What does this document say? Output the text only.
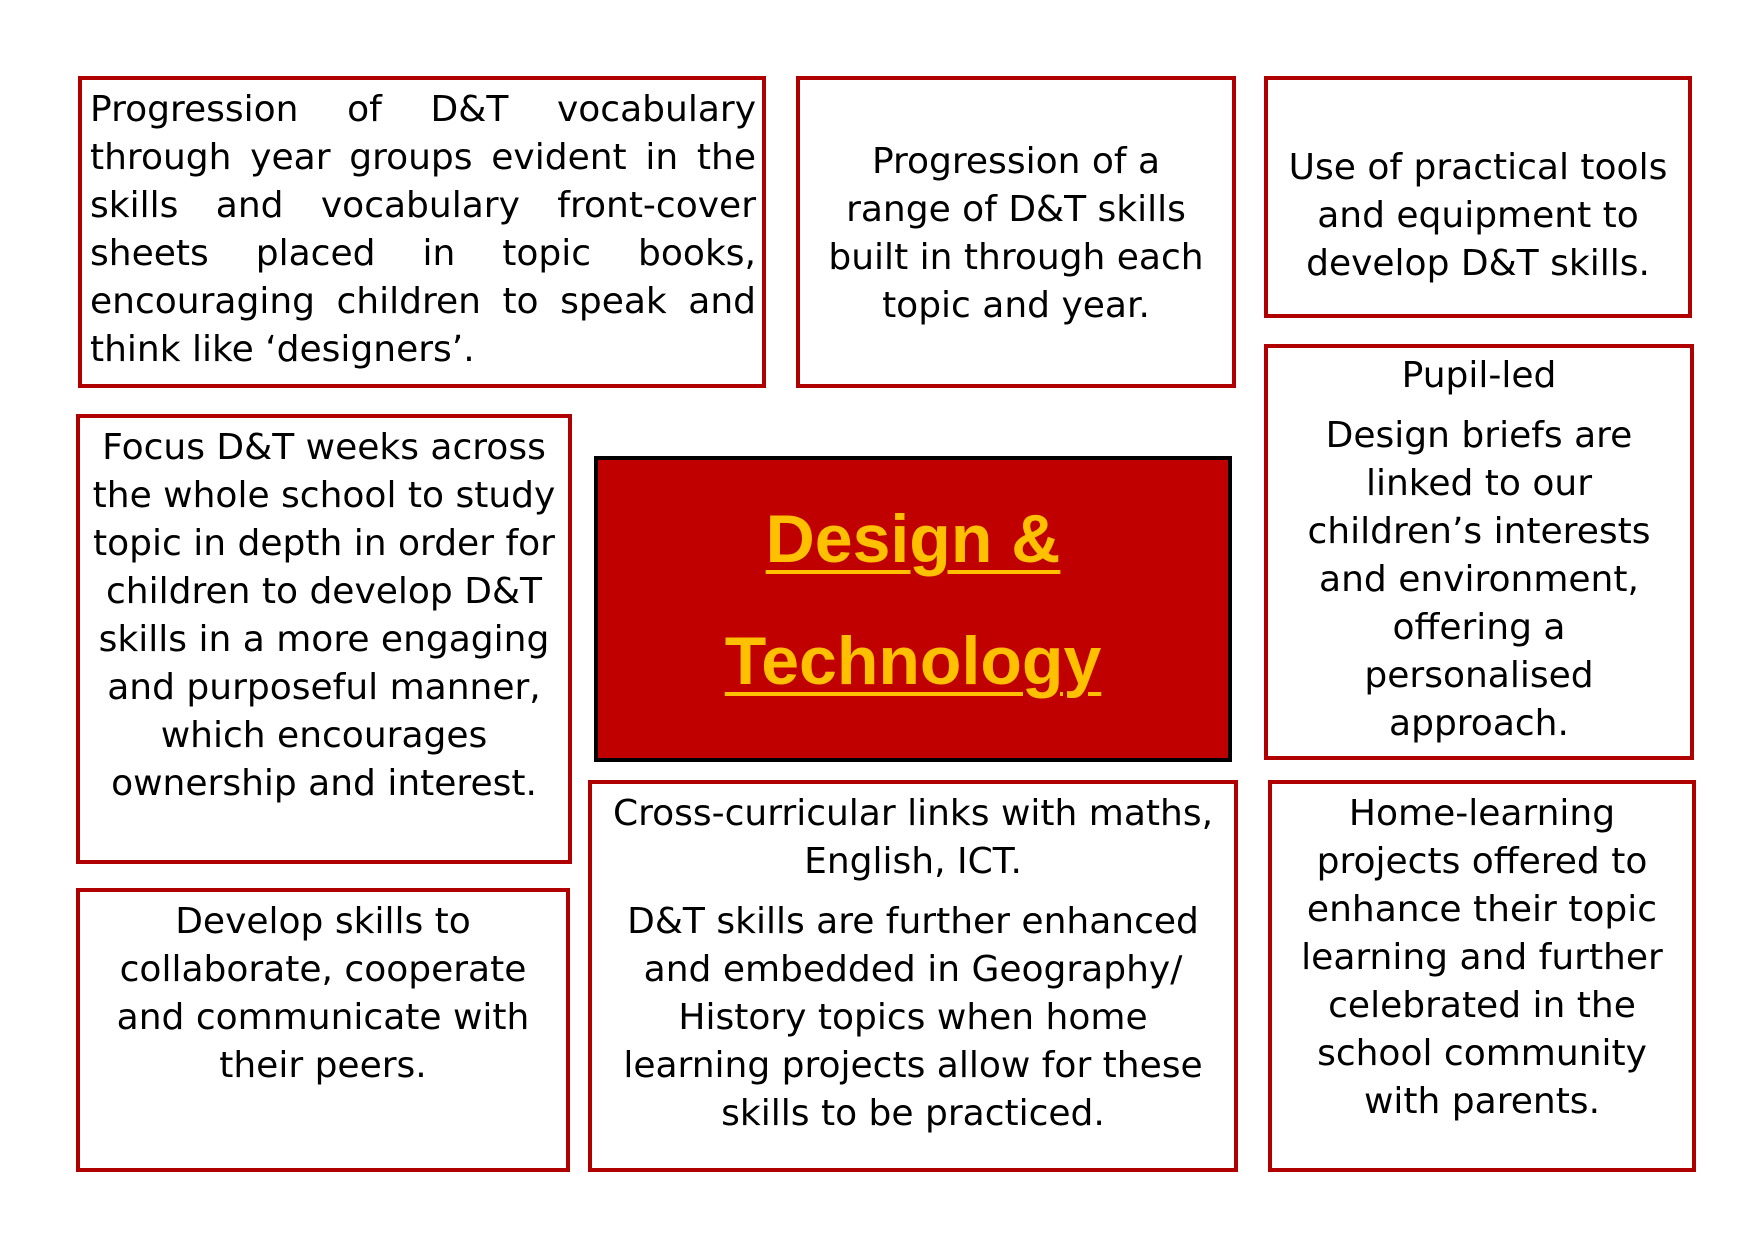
Progression of D&T vocabulary through year groups evident in the skills and vocabulary front-cover sheets placed in topic books, encouraging children to speak and think like ‘designers’.

Progression of a range of D&T skills built in through each topic and year.

Use of practical tools and equipment to develop D&T skills.

Pupil-led

Design briefs are linked to our children’s interests and environment, offering a personalised approach.

Focus D&T weeks across the whole school to study topic in depth in order for children to develop D&T skills in a more engaging and purposeful manner, which encourages ownership and interest.

Design &
Technology

Develop skills to collaborate, cooperate and communicate with their peers.

Cross-curricular links with maths, English, ICT.

D&T skills are further enhanced and embedded in Geography/ History topics when home learning projects allow for these skills to be practiced.

Home-learning projects offered to enhance their topic learning and further celebrated in the school community with parents.
